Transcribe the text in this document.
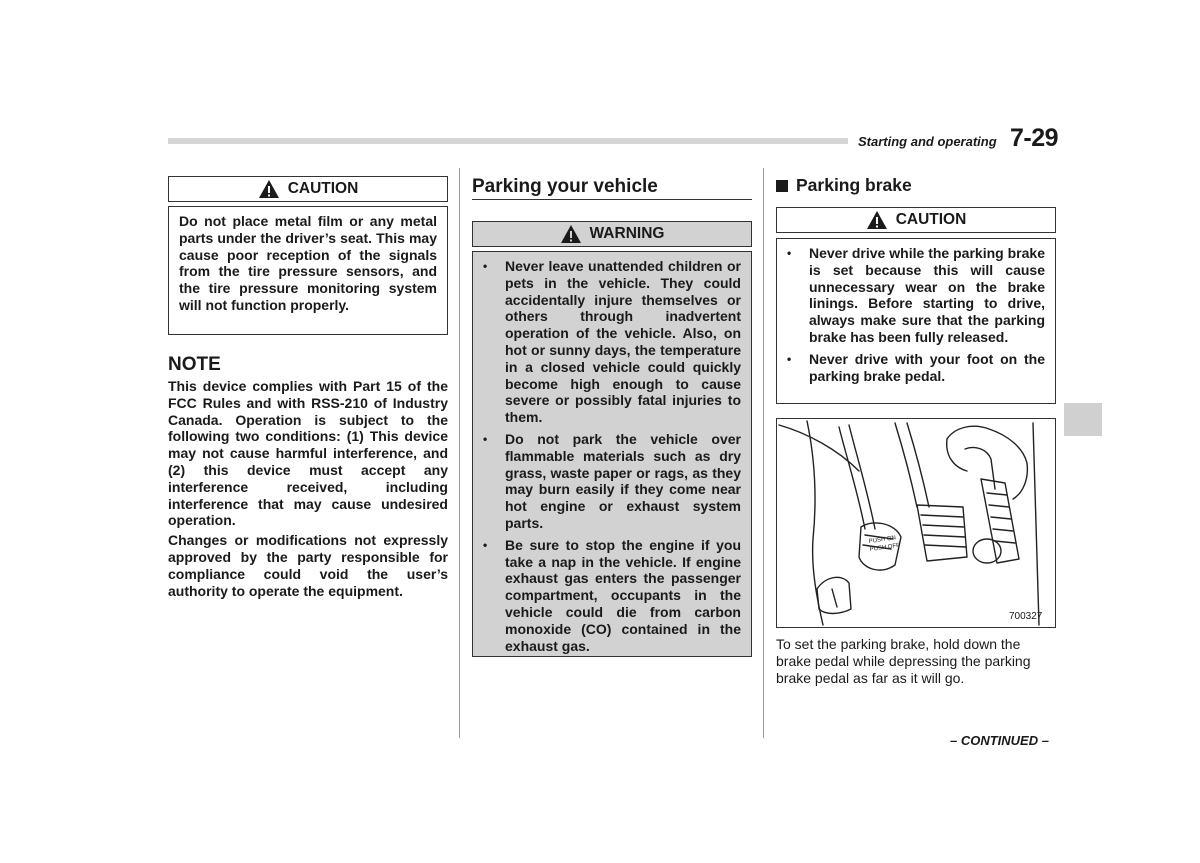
Starting and operating 7-29
CAUTION
Do not place metal film or any metal parts under the driver’s seat. This may cause poor reception of the signals from the tire pressure sensors, and the tire pressure monitoring system will not function properly.
NOTE

This device complies with Part 15 of the FCC Rules and with RSS-210 of Industry Canada. Operation is subject to the following two conditions: (1) This device may not cause harmful interference, and (2) this device must accept any interference received, including interference that may cause undesired operation.

Changes or modifications not expressly approved by the party responsible for compliance could void the user’s authority to operate the equipment.

Parking your vehicle
WARNING
• Never leave unattended children or pets in the vehicle. They could accidentally injure themselves or others through inadvertent operation of the vehicle. Also, on hot or sunny days, the temperature in a closed vehicle could quickly become high enough to cause severe or possibly fatal injuries to them.
• Do not park the vehicle over flammable materials such as dry grass, waste paper or rags, as they may burn easily if they come near hot engine or exhaust system parts.
• Be sure to stop the engine if you take a nap in the vehicle. If engine exhaust gas enters the passenger compartment, occupants in the vehicle could die from carbon monoxide (CO) contained in the exhaust gas.
Parking brake
CAUTION
• Never drive while the parking brake is set because this will cause unnecessary wear on the brake linings. Before starting to drive, always make sure that the parking brake has been fully released.
• Never drive with your foot on the parking brake pedal.
PUSH ON
PUSH OFF
700327
To set the parking brake, hold down the brake pedal while depressing the parking brake pedal as far as it will go.
– CONTINUED –
